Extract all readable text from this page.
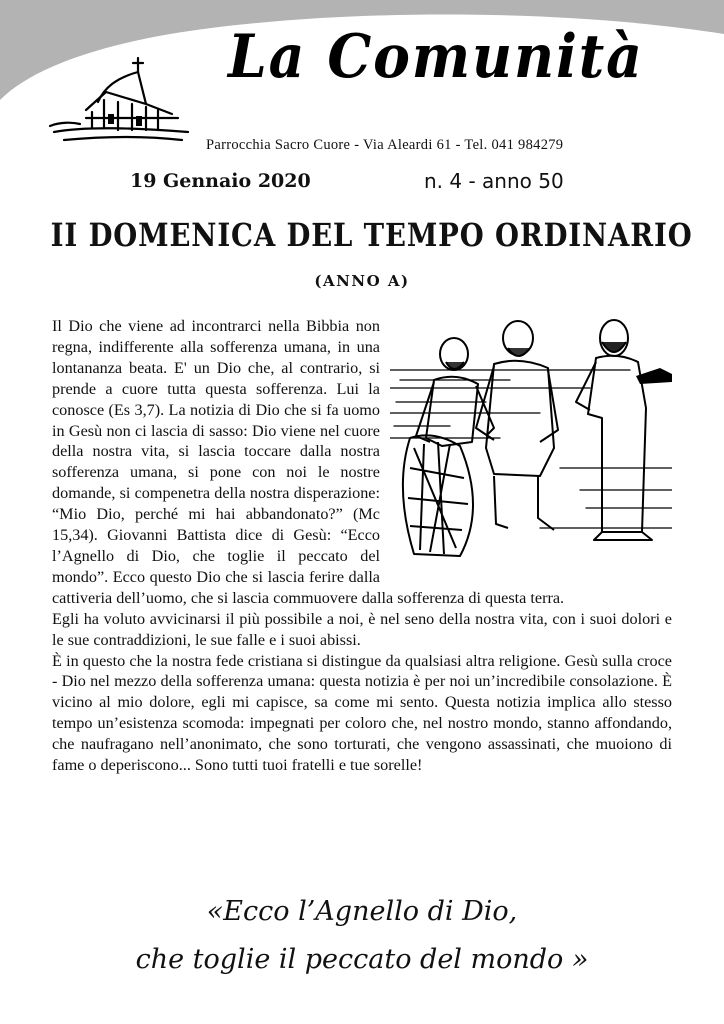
La Comunità
Parrocchia Sacro Cuore - Via Aleardi 61 - Tel. 041 984279
19 Gennaio 2020	n. 4 - anno 50
II DOMENICA DEL TEMPO ORDINARIO
(ANNO A)

Il Dio che viene ad incontrarci nella Bibbia non regna, indifferente alla sofferenza umana, in una lontananza beata. E' un Dio che, al contrario, si prende a cuore tutta questa sofferenza. Lui la conosce (Es 3,7). La notizia di Dio che si fa uomo in Gesù non ci lascia di sasso: Dio viene nel cuore della nostra vita, si lascia toccare dalla nostra sofferenza umana, si pone con noi le nostre domande, si compenetra della nostra disperazione: “Mio Dio, perché mi hai abbandonato?” (Mc 15,34). Giovanni Battista dice di Gesù: “Ecco l’Agnello di Dio, che toglie il peccato del mondo”. Ecco questo Dio che si lascia ferire dalla cattiveria dell’uomo, che si lascia commuovere dalla sofferenza di questa terra.

Egli ha voluto avvicinarsi il più possibile a noi, è nel seno della nostra vita, con i suoi dolori e le sue contraddizioni, le sue falle e i suoi abissi.

È in questo che la nostra fede cristiana si distingue da qualsiasi altra religione. Gesù sulla croce - Dio nel mezzo della sofferenza umana: questa notizia è per noi un’incredibile consolazione. È vicino al mio dolore, egli mi capisce, sa come mi sento. Questa notizia implica allo stesso tempo un’esistenza scomoda: impegnati per coloro che, nel nostro mondo, stanno affondando, che naufragano nell’anonimato, che sono torturati, che vengono assassinati, che muoiono di fame o deperiscono... Sono tutti tuoi fratelli e tue sorelle!

«Ecco l’Agnello di Dio,
che toglie il peccato del mondo »
